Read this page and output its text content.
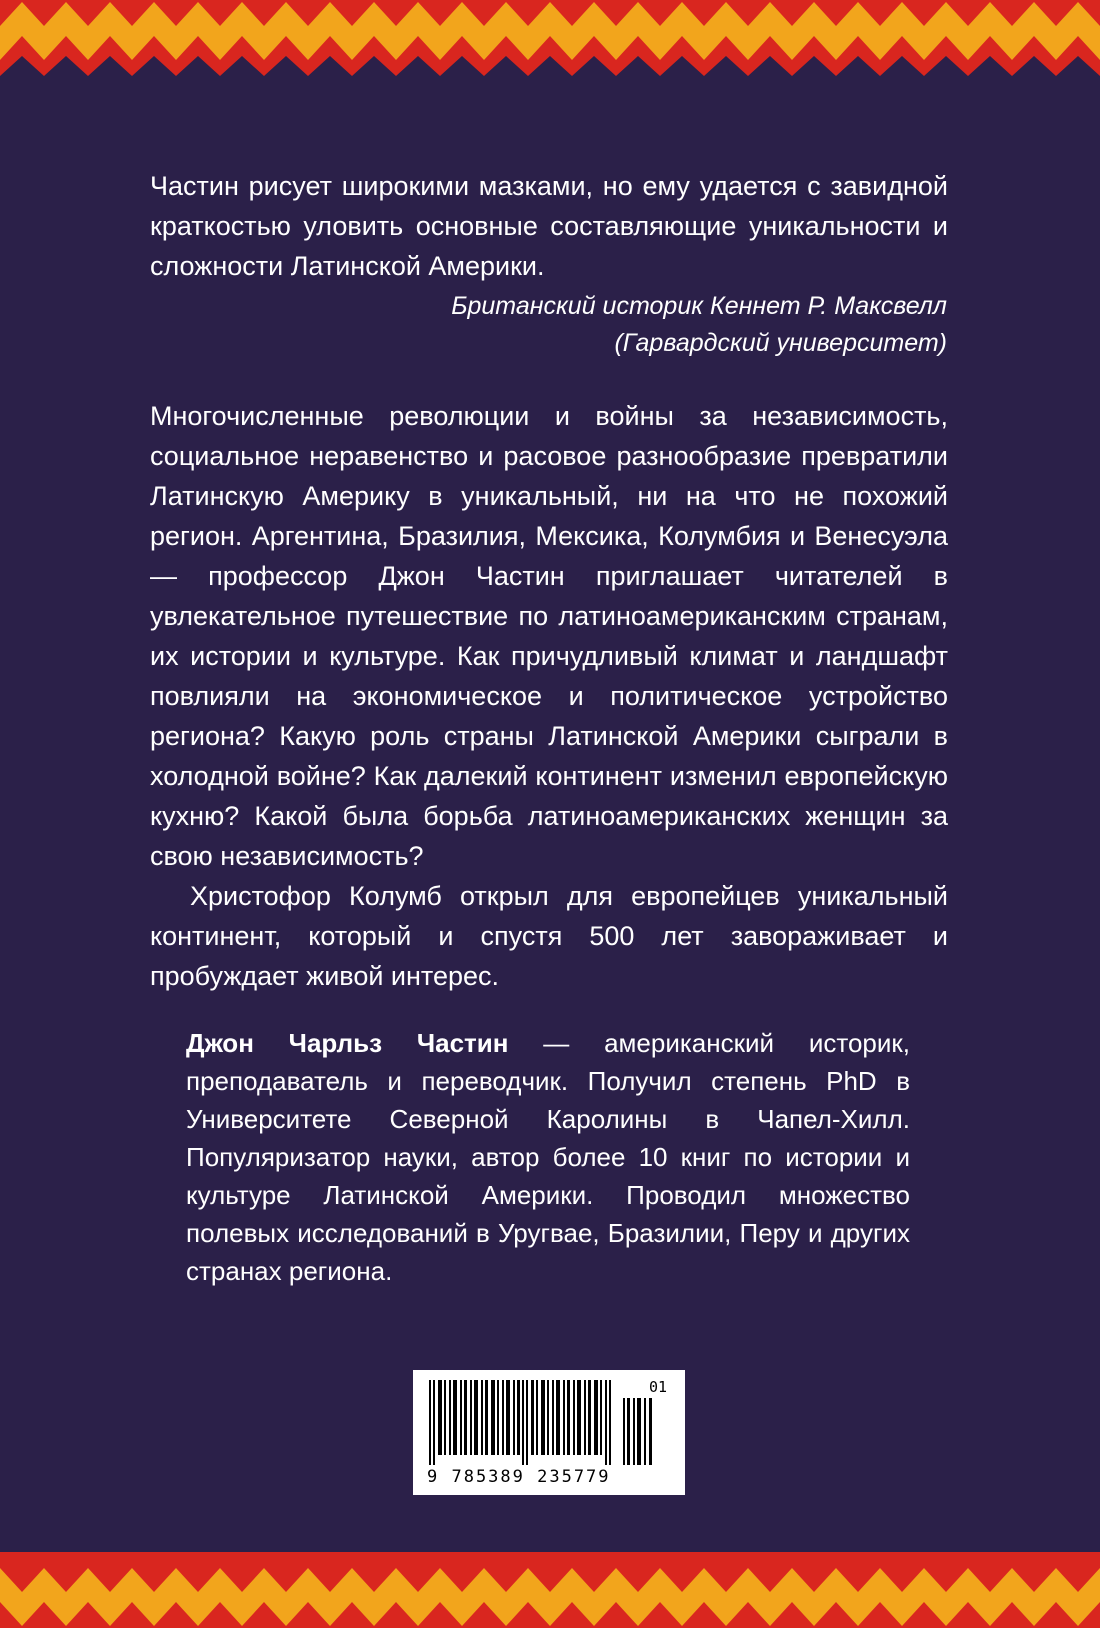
Частин рисует широкими мазками, но ему удается с завидной краткостью уловить основные составляющие уникальности и сложности Латинской Америки.
Британский историк Кеннет Р. Максвелл
(Гарвардский университет)

Многочисленные революции и войны за независимость, социальное неравенство и расовое разнообразие превратили Латинскую Америку в уникальный, ни на что не похожий регион. Аргентина, Бразилия, Мексика, Колумбия и Венесуэла — профессор Джон Частин приглашает читателей в увлекательное путешествие по латиноамериканским странам, их истории и культуре. Как причудливый климат и ландшафт повлияли на экономическое и политическое устройство региона? Какую роль страны Латинской Америки сыграли в холодной войне? Как далекий континент изменил европейскую кухню? Какой была борьба латиноамериканских женщин за свою независимость?

Христофор Колумб открыл для европейцев уникальный континент, который и спустя 500 лет завораживает и пробуждает живой интерес.

Джон Чарльз Частин — американский историк, преподаватель и переводчик. Получил степень PhD в Университете Северной Каролины в Чапел-Хилл. Популяризатор науки, автор более 10 книг по истории и культуре Латинской Америки. Проводил множество полевых исследований в Уругвае, Бразилии, Перу и других странах региона.
01
9 785389 235779
